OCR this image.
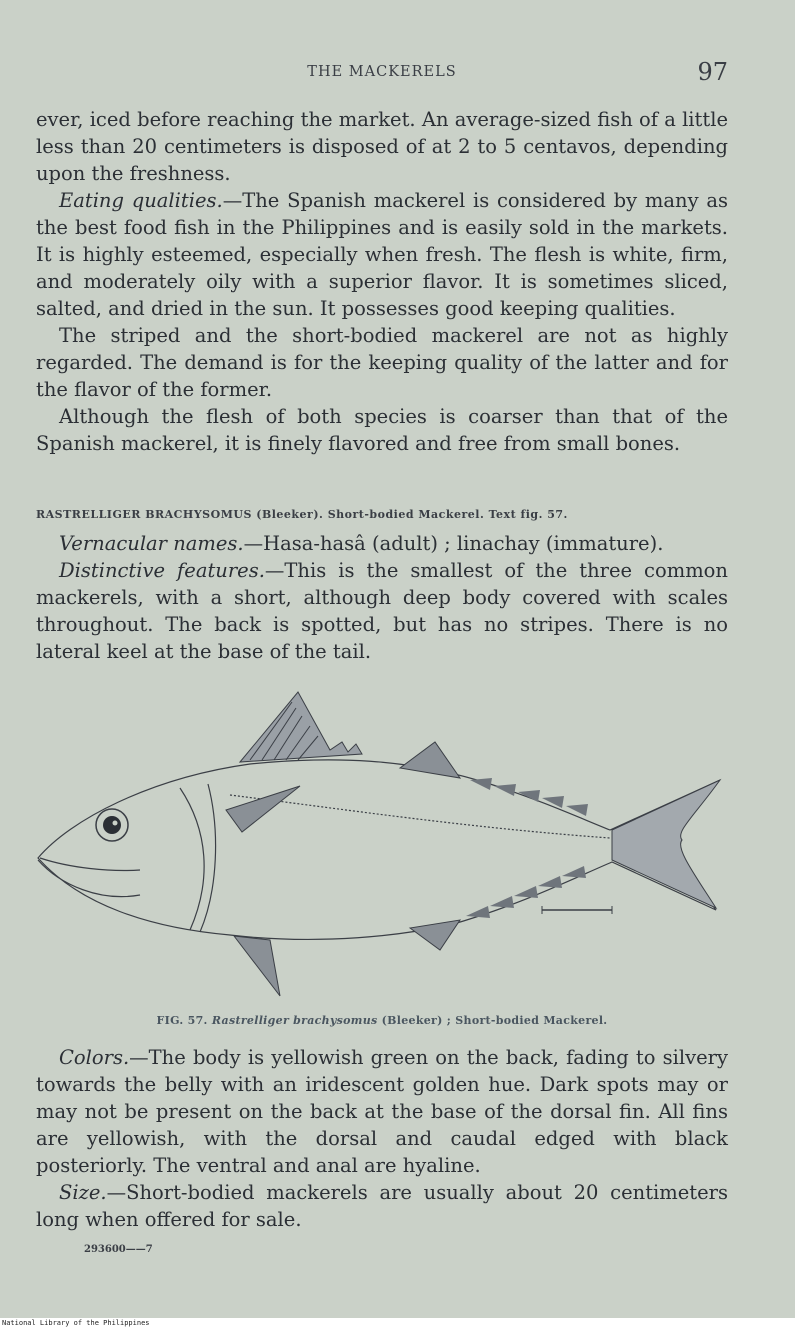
THE MACKERELS	97

ever, iced before reaching the market. An average-sized fish of a little less than 20 centimeters is disposed of at 2 to 5 centavos, depending upon the freshness.

Eating qualities.—The Spanish mackerel is considered by many as the best food fish in the Philippines and is easily sold in the markets. It is highly esteemed, especially when fresh. The flesh is white, firm, and moderately oily with a superior flavor. It is sometimes sliced, salted, and dried in the sun. It possesses good keeping qualities.

The striped and the short-bodied mackerel are not as highly regarded. The demand is for the keeping quality of the latter and for the flavor of the former.

Although the flesh of both species is coarser than that of the Spanish mackerel, it is finely flavored and free from small bones.

RASTRELLIGER BRACHYSOMUS (Bleeker). Short-bodied Mackerel. Text fig. 57.

Vernacular names.—Hasa-hasâ (adult) ; linachay (immature).

Distinctive features.—This is the smallest of the three common mackerels, with a short, although deep body covered with scales throughout. The back is spotted, but has no stripes. There is no lateral keel at the base of the tail.

FIG. 57. Rastrelliger brachysomus (Bleeker) ; Short-bodied Mackerel.

Colors.—The body is yellowish green on the back, fading to silvery towards the belly with an iridescent golden hue. Dark spots may or may not be present on the back at the base of the dorsal fin. All fins are yellowish, with the dorsal and caudal edged with black posteriorly. The ventral and anal are hyaline.

Size.—Short-bodied mackerels are usually about 20 centimeters long when offered for sale.

293600——7
National Library of the Philippines
